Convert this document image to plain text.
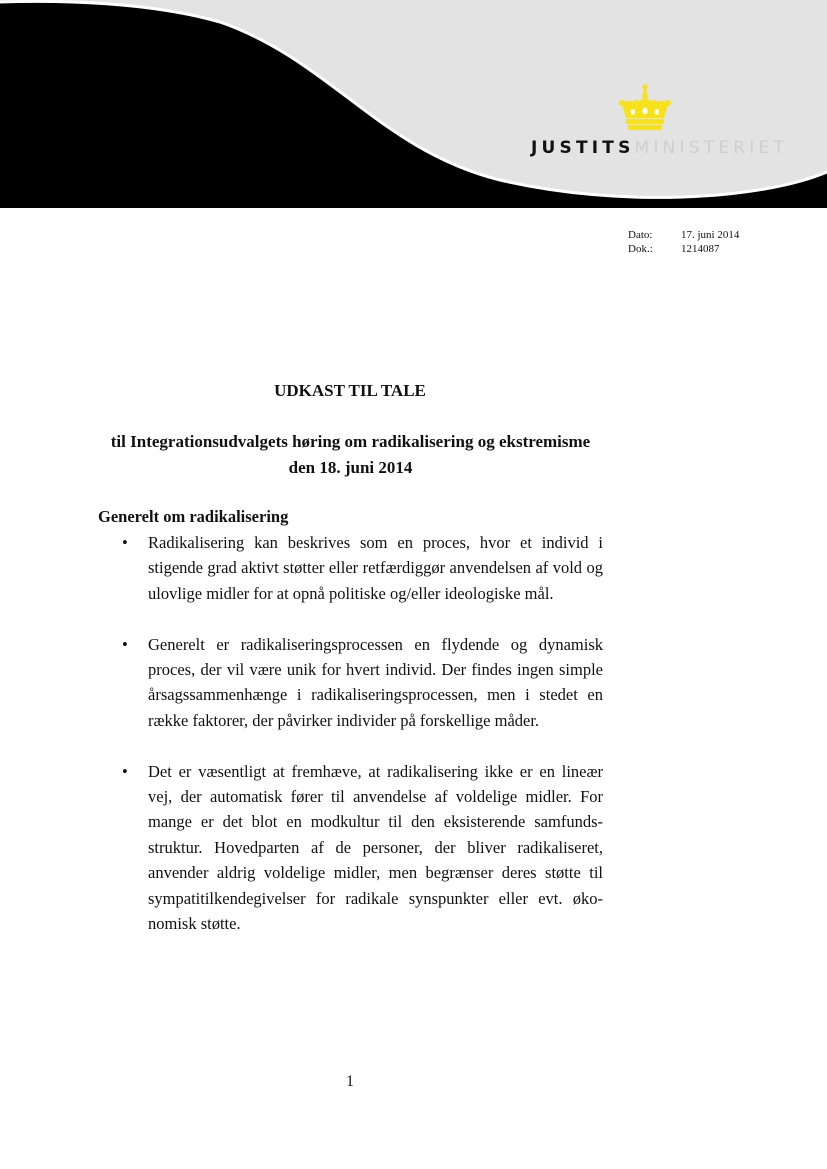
JUSTITSMINISTERIET
Dato:	17. juni 2014
Dok.:	1214087
UDKAST TIL TALE
til Integrationsudvalgets høring om radikalisering og ekstremisme
den 18. juni 2014
Generelt om radikalisering
• Radikalisering kan beskrives som en proces, hvor et individ i stigende grad aktivt støtter eller retfærdiggør anvendelsen af vold og ulovlige midler for at opnå politiske og/eller ideologiske mål.
• Generelt er radikaliseringsprocessen en flydende og dynamisk proces, der vil være unik for hvert individ. Der findes ingen simple årsagssammenhænge i radikaliseringsprocessen, men i stedet en række faktorer, der påvirker individer på forskellige måder.
• Det er væsentligt at fremhæve, at radikalisering ikke er en lineær vej, der automatisk fører til anvendelse af voldelige midler. For mange er det blot en modkultur til den eksisterende samfunds-struktur. Hovedparten af de personer, der bliver radikaliseret, anvender aldrig voldelige midler, men begrænser deres støtte til sympatitilkendegivelser for radikale synspunkter eller evt. øko-nomisk støtte.
1
